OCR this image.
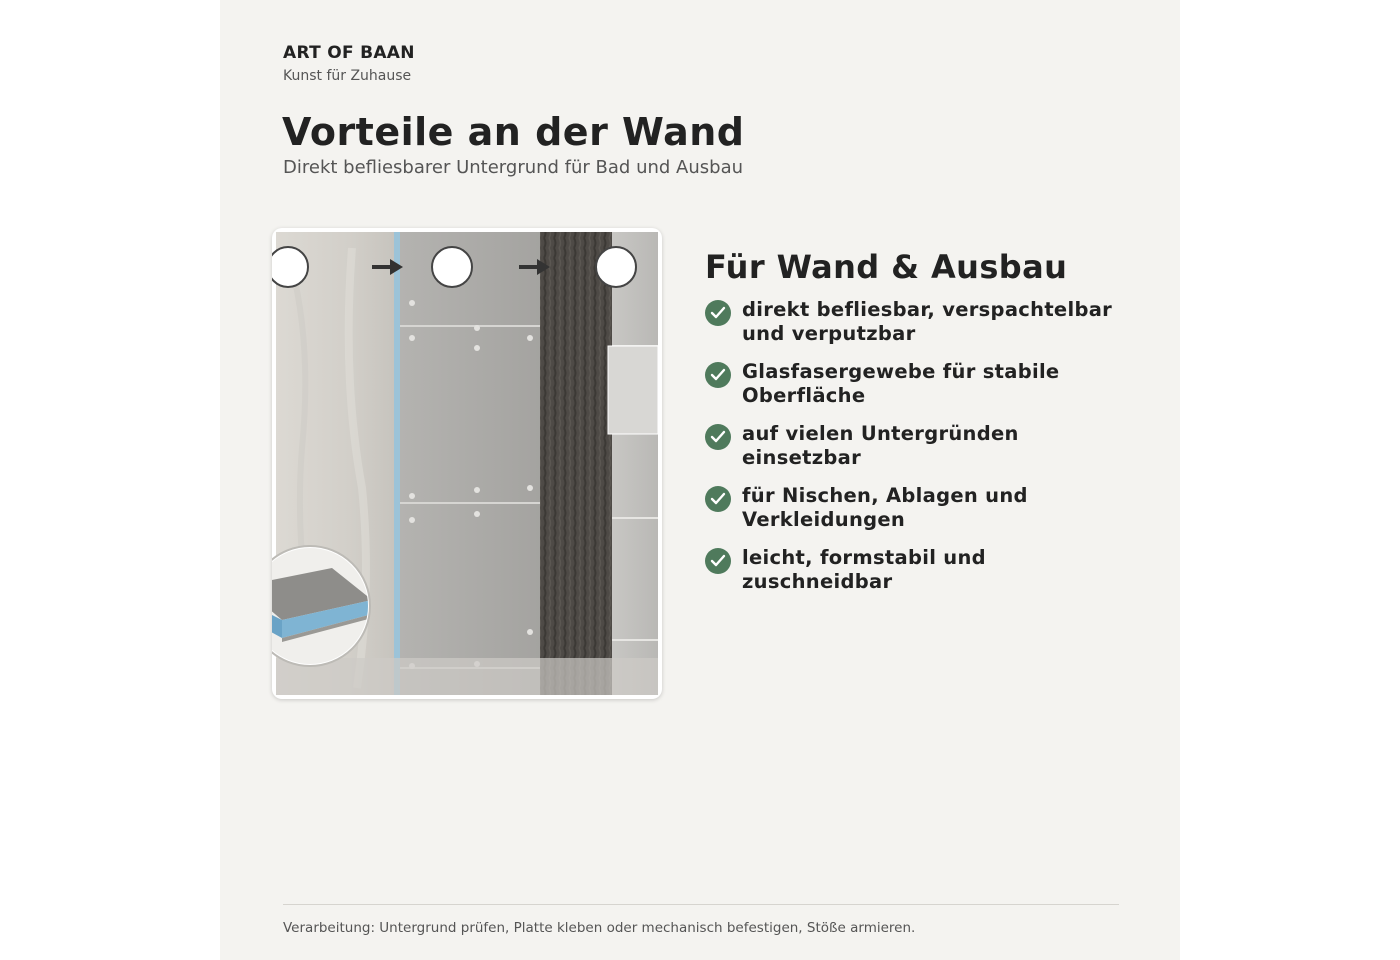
ART OF BAAN
Kunst für Zuhause
Vorteile an der Wand
Direkt befliesbarer Untergrund für Bad und Ausbau
Für Wand & Ausbau
direkt befliesbar, verspachtelbar und verputzbar
Glasfasergewebe für stabile Oberfläche
auf vielen Untergründen einsetzbar
für Nischen, Ablagen und Verkleidungen
leicht, formstabil und zuschneidbar
Verarbeitung: Untergrund prüfen, Platte kleben oder mechanisch befestigen, Stöße armieren.
